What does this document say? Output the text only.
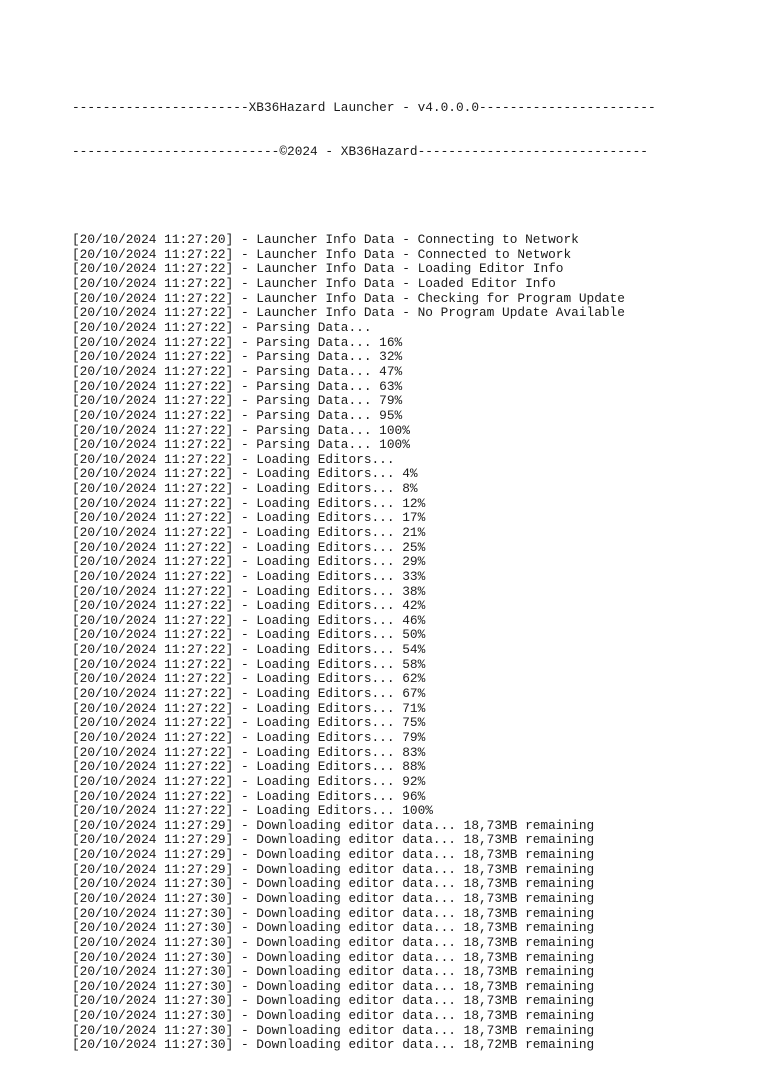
-----------------------XB36Hazard Launcher - v4.0.0.0-----------------------

---------------------------©2024 - XB36Hazard------------------------------

[20/10/2024 11:27:20] - Launcher Info Data - Connecting to Network
[20/10/2024 11:27:22] - Launcher Info Data - Connected to Network
[20/10/2024 11:27:22] - Launcher Info Data - Loading Editor Info
[20/10/2024 11:27:22] - Launcher Info Data - Loaded Editor Info
[20/10/2024 11:27:22] - Launcher Info Data - Checking for Program Update
[20/10/2024 11:27:22] - Launcher Info Data - No Program Update Available
[20/10/2024 11:27:22] - Parsing Data...
[20/10/2024 11:27:22] - Parsing Data... 16%
[20/10/2024 11:27:22] - Parsing Data... 32%
[20/10/2024 11:27:22] - Parsing Data... 47%
[20/10/2024 11:27:22] - Parsing Data... 63%
[20/10/2024 11:27:22] - Parsing Data... 79%
[20/10/2024 11:27:22] - Parsing Data... 95%
[20/10/2024 11:27:22] - Parsing Data... 100%
[20/10/2024 11:27:22] - Parsing Data... 100%
[20/10/2024 11:27:22] - Loading Editors...
[20/10/2024 11:27:22] - Loading Editors... 4%
[20/10/2024 11:27:22] - Loading Editors... 8%
[20/10/2024 11:27:22] - Loading Editors... 12%
[20/10/2024 11:27:22] - Loading Editors... 17%
[20/10/2024 11:27:22] - Loading Editors... 21%
[20/10/2024 11:27:22] - Loading Editors... 25%
[20/10/2024 11:27:22] - Loading Editors... 29%
[20/10/2024 11:27:22] - Loading Editors... 33%
[20/10/2024 11:27:22] - Loading Editors... 38%
[20/10/2024 11:27:22] - Loading Editors... 42%
[20/10/2024 11:27:22] - Loading Editors... 46%
[20/10/2024 11:27:22] - Loading Editors... 50%
[20/10/2024 11:27:22] - Loading Editors... 54%
[20/10/2024 11:27:22] - Loading Editors... 58%
[20/10/2024 11:27:22] - Loading Editors... 62%
[20/10/2024 11:27:22] - Loading Editors... 67%
[20/10/2024 11:27:22] - Loading Editors... 71%
[20/10/2024 11:27:22] - Loading Editors... 75%
[20/10/2024 11:27:22] - Loading Editors... 79%
[20/10/2024 11:27:22] - Loading Editors... 83%
[20/10/2024 11:27:22] - Loading Editors... 88%
[20/10/2024 11:27:22] - Loading Editors... 92%
[20/10/2024 11:27:22] - Loading Editors... 96%
[20/10/2024 11:27:22] - Loading Editors... 100%
[20/10/2024 11:27:29] - Downloading editor data... 18,73MB remaining
[20/10/2024 11:27:29] - Downloading editor data... 18,73MB remaining
[20/10/2024 11:27:29] - Downloading editor data... 18,73MB remaining
[20/10/2024 11:27:29] - Downloading editor data... 18,73MB remaining
[20/10/2024 11:27:30] - Downloading editor data... 18,73MB remaining
[20/10/2024 11:27:30] - Downloading editor data... 18,73MB remaining
[20/10/2024 11:27:30] - Downloading editor data... 18,73MB remaining
[20/10/2024 11:27:30] - Downloading editor data... 18,73MB remaining
[20/10/2024 11:27:30] - Downloading editor data... 18,73MB remaining
[20/10/2024 11:27:30] - Downloading editor data... 18,73MB remaining
[20/10/2024 11:27:30] - Downloading editor data... 18,73MB remaining
[20/10/2024 11:27:30] - Downloading editor data... 18,73MB remaining
[20/10/2024 11:27:30] - Downloading editor data... 18,73MB remaining
[20/10/2024 11:27:30] - Downloading editor data... 18,73MB remaining
[20/10/2024 11:27:30] - Downloading editor data... 18,73MB remaining
[20/10/2024 11:27:30] - Downloading editor data... 18,72MB remaining
